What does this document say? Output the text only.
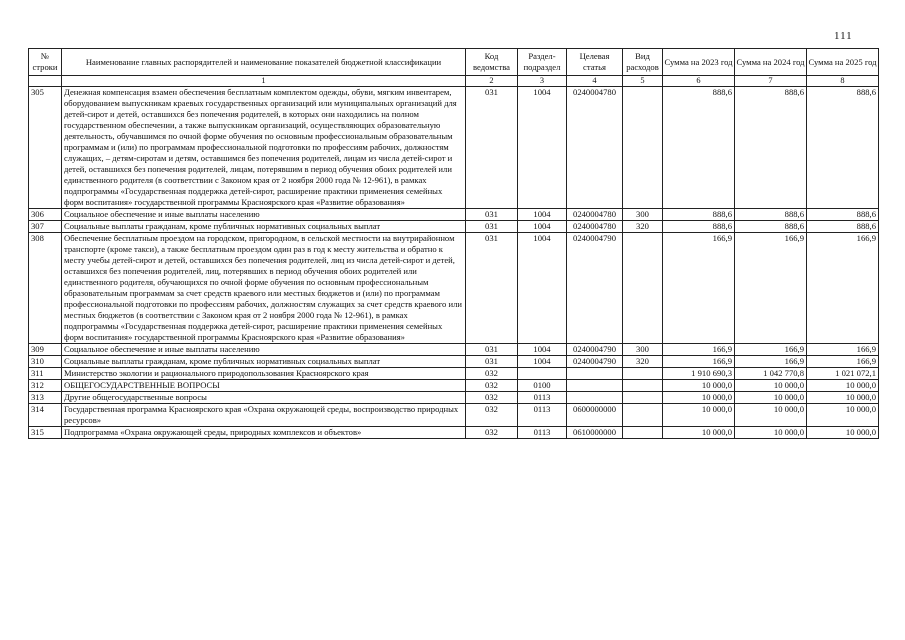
111
№ строки	Наименование главных распорядителей и наименование показателей бюджетной классификации	Код ведомства	Раздел-подраздел	Целевая статья	Вид расходов	Сумма на 2023 год	Сумма на 2024 год	Сумма на 2025 год
	1	2	3	4	5	6	7	8
305	Денежная компенсация взамен обеспечения бесплатным комплектом одежды, обуви, мягким инвентарем, оборудованием выпускникам краевых государственных организаций или муниципальных организаций для детей-сирот и детей, оставшихся без попечения родителей, в которых они находились на полном государственном обеспечении, а также выпускникам организаций, осуществляющих образовательную деятельность, обучавшимся по очной форме обучения по основным профессиональным образовательным программам и (или) по программам профессиональной подготовки по профессиям рабочих, должностям служащих, – детям-сиротам и детям, оставшимся без попечения родителей, лицам из числа детей-сирот и детей, оставшихся без попечения родителей, лицам, потерявшим в период обучения обоих родителей или единственного родителя (в соответствии с Законом края от 2 ноября 2000 года № 12-961), в рамках подпрограммы «Государственная поддержка детей-сирот, расширение практики применения семейных форм воспитания» государственной программы Красноярского края «Развитие образования»	031	1004	0240004780		888,6	888,6	888,6
306	Социальное обеспечение и иные выплаты населению	031	1004	0240004780	300	888,6	888,6	888,6
307	Социальные выплаты гражданам, кроме публичных нормативных социальных выплат	031	1004	0240004780	320	888,6	888,6	888,6
308	Обеспечение бесплатным проездом на городском, пригородном, в сельской местности на внутрирайонном транспорте (кроме такси), а также бесплатным проездом один раз в год к месту жительства и обратно к месту учебы детей-сирот и детей, оставшихся без попечения родителей, лиц из числа детей-сирот и детей, оставшихся без попечения родителей, лиц, потерявших в период обучения обоих родителей или единственного родителя, обучающихся по очной форме обучения по основным профессиональным образовательным программам за счет средств краевого или местных бюджетов и (или) по программам профессиональной подготовки по профессиям рабочих, должностям служащих за счет средств краевого или местных бюджетов (в соответствии с Законом края от 2 ноября 2000 года № 12-961), в рамках подпрограммы «Государственная поддержка детей-сирот, расширение практики применения семейных форм воспитания» государственной программы Красноярского края «Развитие образования»	031	1004	0240004790		166,9	166,9	166,9
309	Социальное обеспечение и иные выплаты населению	031	1004	0240004790	300	166,9	166,9	166,9
310	Социальные выплаты гражданам, кроме публичных нормативных социальных выплат	031	1004	0240004790	320	166,9	166,9	166,9
311	Министерство экологии и рационального природопользования Красноярского края	032				1 910 690,3	1 042 770,8	1 021 072,1
312	ОБЩЕГОСУДАРСТВЕННЫЕ ВОПРОСЫ	032	0100			10 000,0	10 000,0	10 000,0
313	Другие общегосударственные вопросы	032	0113			10 000,0	10 000,0	10 000,0
314	Государственная программа Красноярского края «Охрана окружающей среды, воспроизводство природных ресурсов»	032	0113	0600000000		10 000,0	10 000,0	10 000,0
315	Подпрограмма «Охрана окружающей среды, природных комплексов и объектов»	032	0113	0610000000		10 000,0	10 000,0	10 000,0
